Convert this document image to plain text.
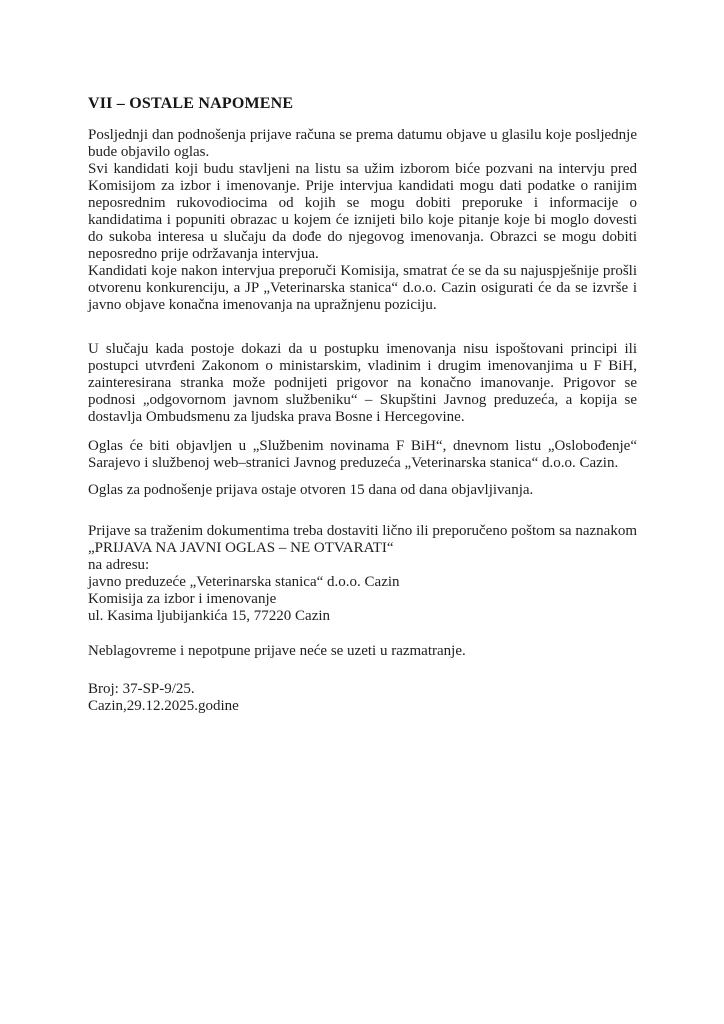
VII – OSTALE NAPOMENE

Posljednji dan podnošenja prijave računa se prema datumu objave u glasilu koje posljednje bude objavilo oglas.

Svi kandidati koji budu stavljeni na listu sa užim izborom biće pozvani na intervju pred Komisijom za izbor i imenovanje. Prije intervjua kandidati mogu dati podatke o ranijim neposrednim rukovodiocima od kojih se mogu dobiti preporuke i informacije o kandidatima i popuniti obrazac u kojem će iznijeti bilo koje pitanje koje bi moglo dovesti do sukoba interesa u slučaju da dođe do njegovog imenovanja. Obrazci se mogu dobiti neposredno prije održavanja intervjua.

Kandidati koje nakon intervjua preporuči Komisija, smatrat će se da su najuspješnije prošli otvorenu konkurenciju, a JP „Veterinarska stanica“ d.o.o. Cazin osigurati će da se izvrše i javno objave konačna imenovanja na upražnjenu poziciju.

U slučaju kada postoje dokazi da u postupku imenovanja nisu ispoštovani principi ili postupci utvrđeni Zakonom o ministarskim, vladinim i drugim imenovanjima u F BiH, zainteresirana stranka može podnijeti prigovor na konačno imanovanje. Prigovor se podnosi „odgovornom javnom službeniku“ – Skupštini Javnog preduzeća, a kopija se dostavlja Ombudsmenu za ljudska prava Bosne i Hercegovine.

Oglas će biti objavljen u „Službenim novinama F BiH“, dnevnom listu „Oslobođenje“ Sarajevo i službenoj web–stranici Javnog preduzeća „Veterinarska stanica“ d.o.o. Cazin.

Oglas za podnošenje prijava ostaje otvoren 15 dana od dana objavljivanja.

Prijave sa traženim dokumentima treba dostaviti lično ili preporučeno poštom sa naznakom

„PRIJAVA NA JAVNI OGLAS – NE OTVARATI“

na adresu:

javno preduzeće „Veterinarska stanica“ d.o.o. Cazin

Komisija za izbor i imenovanje

ul. Kasima ljubijankića 15, 77220 Cazin

Neblagovreme i nepotpune prijave neće se uzeti u razmatranje.

Broj: 37-SP-9/25.

Cazin,29.12.2025.godine
